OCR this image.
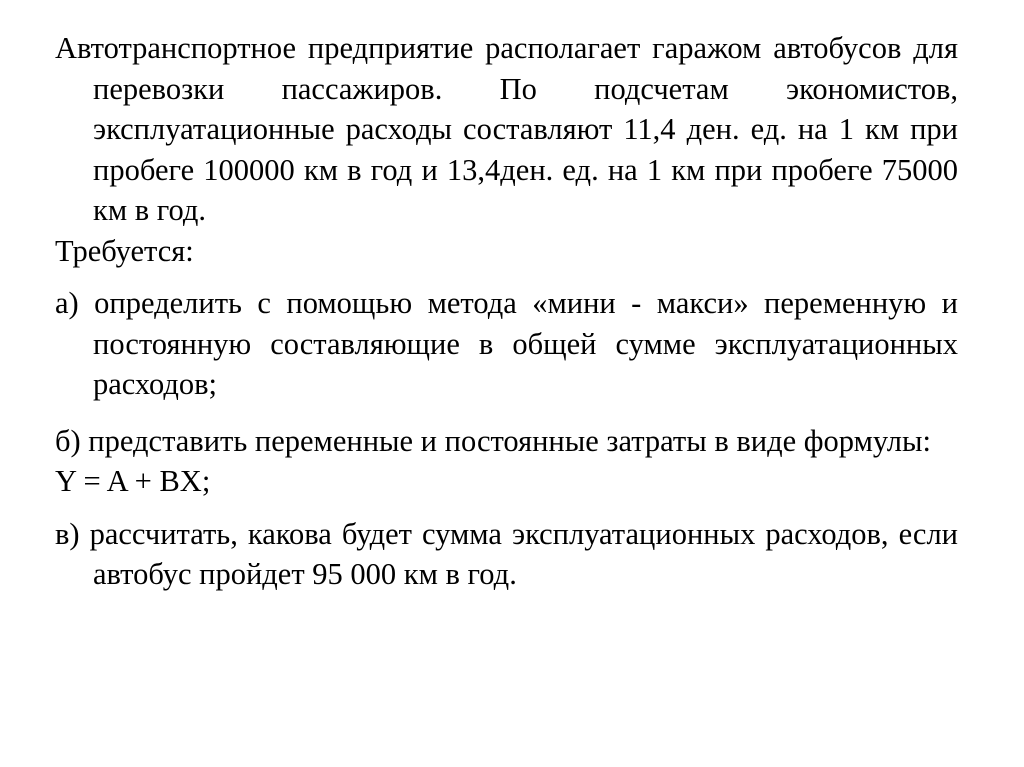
Автотранспортное предприятие располагает гаражом автобусов для перевозки пассажиров. По подсчетам экономистов, эксплуатационные расходы составляют 11,4 ден. ед. на 1 км при пробеге 100000 км в год и 13,4ден. ед. на 1 км при пробеге 75000 км в год.

Требуется:

а) определить с помощью метода «мини - макси» переменную и постоянную составляющие в общей сумме эксплуатационных расходов;

б) представить переменные и постоянные затраты в виде формулы:

Y = A + BX;

в) рассчитать, какова будет сумма эксплуатационных расходов, если автобус пройдет 95 000 км в год.
